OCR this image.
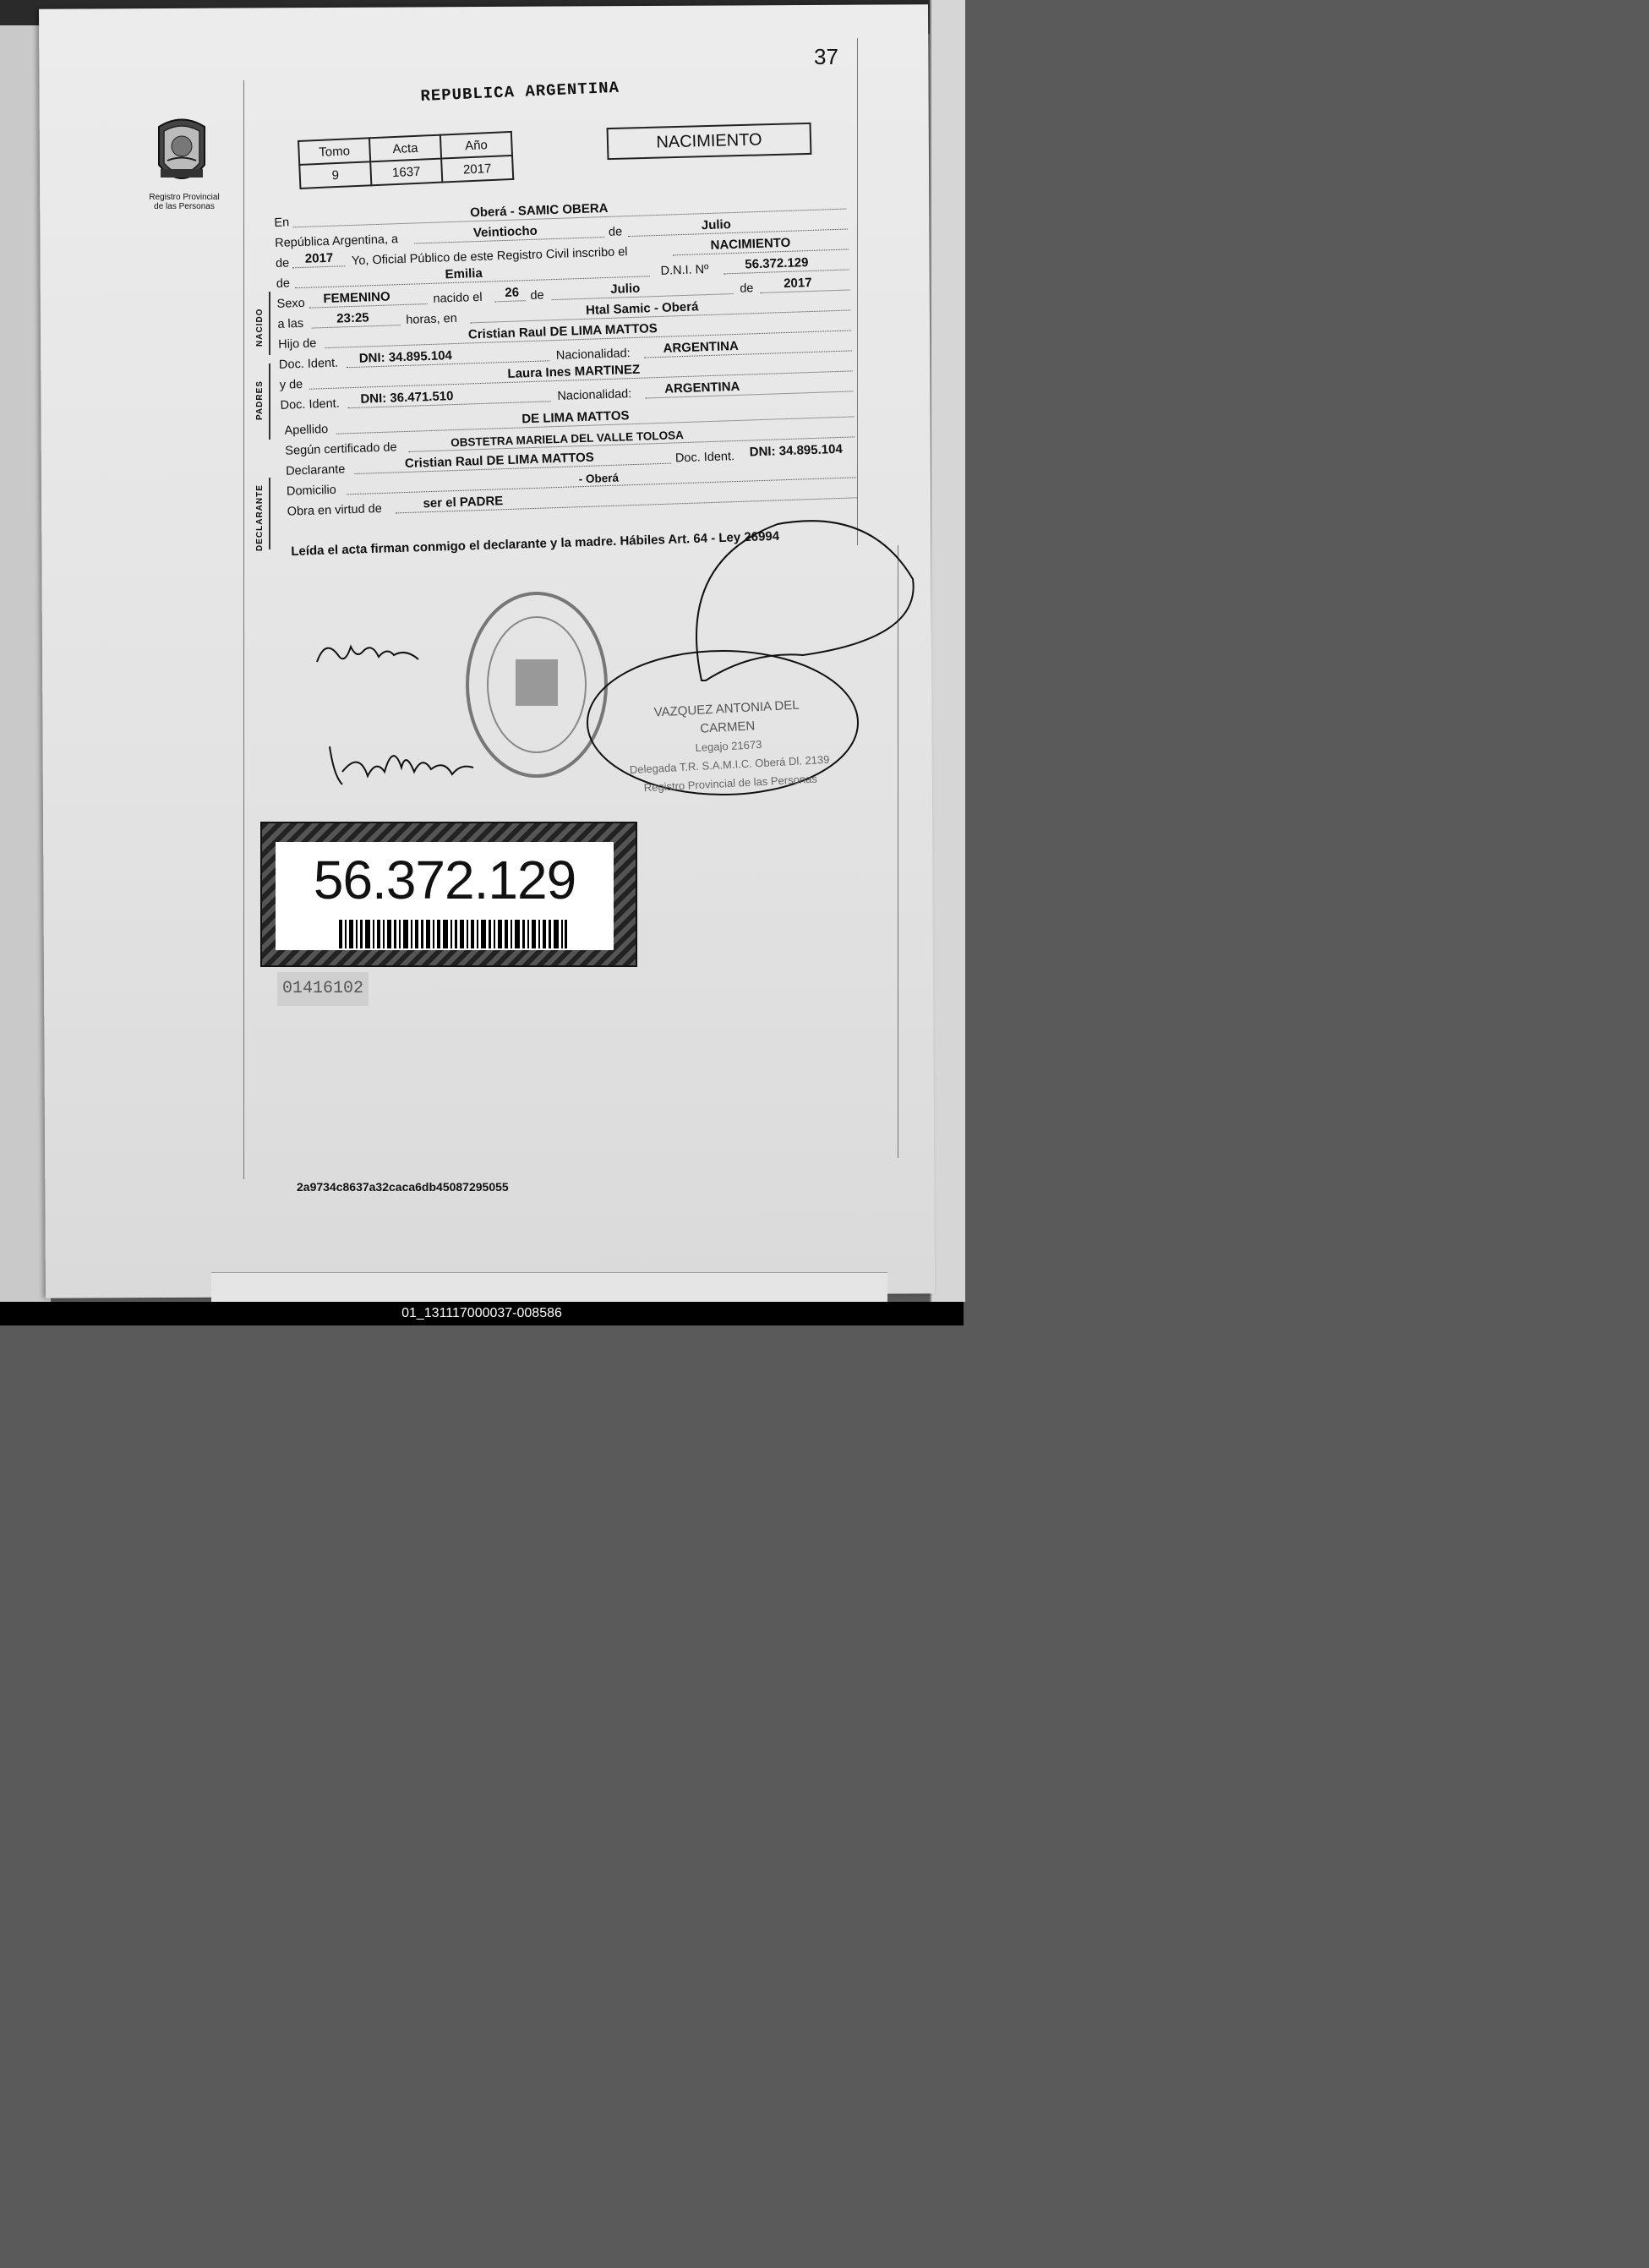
37
Registro Provincial
de las Personas
REPUBLICA ARGENTINA
NACIMIENTO
Tomo	Acta	Año
9	1637	2017
NACIDO
PADRES
DECLARANTE
En
Oberá - SAMIC OBERA
República Argentina, a
Veintiocho	de	Julio
de 2017 Yo, Oficial Público de este Registro Civil inscribo el
NACIMIENTO
de
Emilia	D.N.I. Nº	56.372.129
Sexo FEMENINO	nacido el 26 de	Julio	de 2017
a las	23:25	horas, en
Htal Samic - Oberá
Hijo de
Cristian Raul DE LIMA MATTOS
Doc. Ident. DNI: 34.895.104	Nacionalidad:	ARGENTINA
y de
Laura Ines MARTINEZ
Doc. Ident. DNI: 36.471.510	Nacionalidad:	ARGENTINA
Apellido
DE LIMA MATTOS
Según certificado de
OBSTETRA MARIELA DEL VALLE TOLOSA
Declarante	Cristian Raul DE LIMA MATTOS	Doc. Ident. DNI: 34.895.104
Domicilio
- Oberá
Obra en virtud de	ser el PADRE
Leída el acta firman conmigo el declarante y la madre. Hábiles Art. 64 - Ley 26994
VAZQUEZ ANTONIA DEL CARMEN
Legajo 21673
Delegada T.R. S.A.M.I.C. Oberá Dl. 2139
Registro Provincial de las Personas
56.372.129
01416102
2a9734c8637a32caca6db45087295055
01_131117000037-008586
